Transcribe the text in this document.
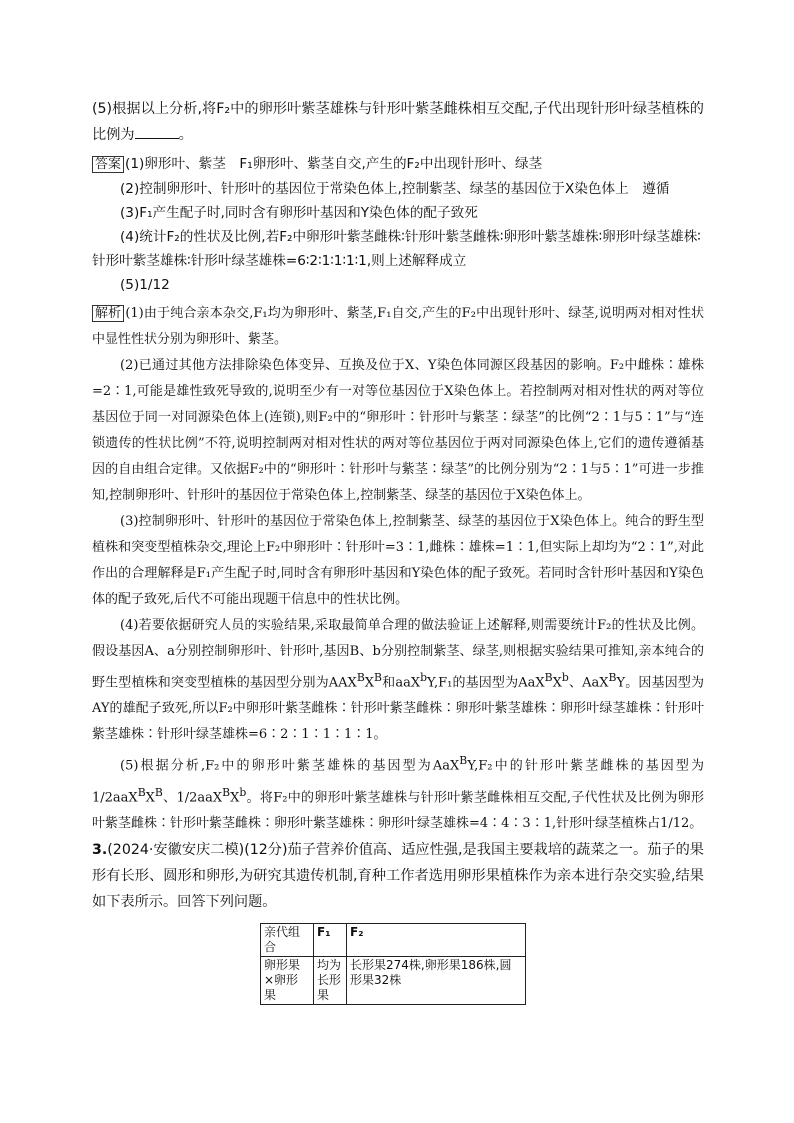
(5)根据以上分析,将F₂中的卵形叶紫茎雄株与针形叶紫茎雌株相互交配,子代出现针形叶绿茎植株的比例为	。

答案 (1)卵形叶、紫茎　F₁卵形叶、紫茎自交,产生的F₂中出现针形叶、绿茎

(2)控制卵形叶、针形叶的基因位于常染色体上,控制紫茎、绿茎的基因位于X染色体上　遵循

(3)F₁产生配子时,同时含有卵形叶基因和Y染色体的配子致死

(4)统计F₂的性状及比例,若F₂中卵形叶紫茎雌株∶针形叶紫茎雌株∶卵形叶紫茎雄株∶卵形叶绿茎雄株∶针形叶紫茎雄株∶针形叶绿茎雄株=6∶2∶1∶1∶1∶1,则上述解释成立

(5)1/12

解析 (1)由于纯合亲本杂交,F₁均为卵形叶、紫茎,F₁自交,产生的F₂中出现针形叶、绿茎,说明两对相对性状中显性性状分别为卵形叶、紫茎。

(2)已通过其他方法排除染色体变异、互换及位于X、Y染色体同源区段基因的影响。F₂中雌株∶雄株=2∶1,可能是雄性致死导致的,说明至少有一对等位基因位于X染色体上。若控制两对相对性状的两对等位基因位于同一对同源染色体上(连锁),则F₂中的“卵形叶∶针形叶与紫茎∶绿茎”的比例“2∶1与5∶1”与“连锁遗传的性状比例”不符,说明控制两对相对性状的两对等位基因位于两对同源染色体上,它们的遗传遵循基因的自由组合定律。又依据F₂中的“卵形叶∶针形叶与紫茎∶绿茎”的比例分别为“2∶1与5∶1”可进一步推知,控制卵形叶、针形叶的基因位于常染色体上,控制紫茎、绿茎的基因位于X染色体上。

(3)控制卵形叶、针形叶的基因位于常染色体上,控制紫茎、绿茎的基因位于X染色体上。纯合的野生型植株和突变型植株杂交,理论上F₂中卵形叶∶针形叶=3∶1,雌株∶雄株=1∶1,但实际上却均为“2∶1”,对此作出的合理解释是F₁产生配子时,同时含有卵形叶基因和Y染色体的配子致死。若同时含针形叶基因和Y染色体的配子致死,后代不可能出现题干信息中的性状比例。

(4)若要依据研究人员的实验结果,采取最简单合理的做法验证上述解释,则需要统计F₂的性状及比例。假设基因A、a分别控制卵形叶、针形叶,基因B、b分别控制紫茎、绿茎,则根据实验结果可推知,亲本纯合的野生型植株和突变型植株的基因型分别为$AAX^BX^B$和aaX$^b$Y,F₁的基因型为$AaX^BX^b$、AaX$^B$Y。因基因型为AY的雄配子致死,所以F₂中卵形叶紫茎雌株∶针形叶紫茎雌株∶卵形叶紫茎雄株∶卵形叶绿茎雄株∶针形叶紫茎雄株∶针形叶绿茎雄株=6∶2∶1∶1∶1∶1。

(5)根据分析,F₂中的卵形叶紫茎雄株的基因型为AaX$^B$Y,F₂中的针形叶紫茎雌株的基因型为$1/2aaX^BX^B$、$1/2aaX^BX^b$。将F₂中的卵形叶紫茎雄株与针形叶紫茎雌株相互交配,子代性状及比例为卵形叶紫茎雌株∶针形叶紫茎雌株∶卵形叶紫茎雄株∶卵形叶绿茎雄株=4∶4∶3∶1,针形叶绿茎植株占1/12。

3.(2024·安徽安庆二模)(12分)茄子营养价值高、适应性强,是我国主要栽培的蔬菜之一。茄子的果形有长形、圆形和卵形,为研究其遗传机制,育种工作者选用卵形果植株作为亲本进行杂交实验,结果如下表所示。回答下列问题。

亲代组合	F₁	F₂
卵形果×卵形果	均为长形果	长形果274株,卵形果186株,圆形果32株
